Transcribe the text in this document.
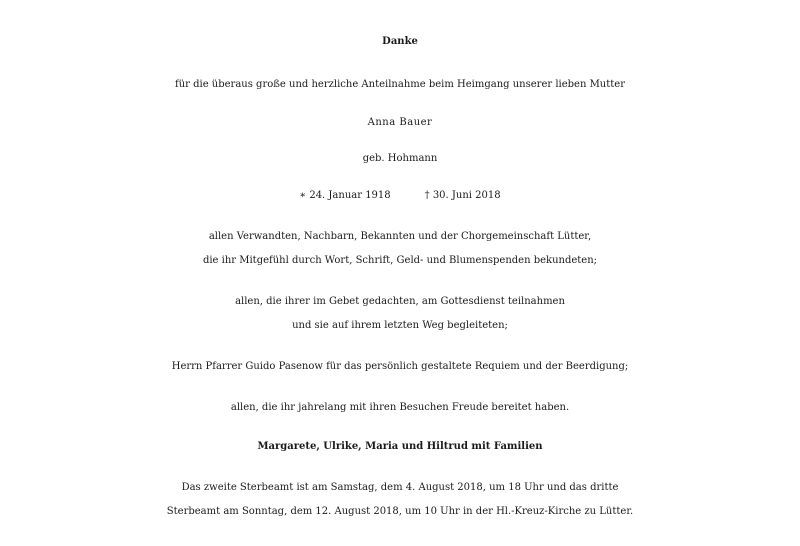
Danke
für die überaus große und herzliche Anteilnahme beim Heimgang unserer lieben Mutter
Anna Bauer
geb. Hohmann
∗ 24. Januar 1918	† 30. Juni 2018
allen Verwandten, Nachbarn, Bekannten und der Chorgemeinschaft Lütter,
die ihr Mitgefühl durch Wort, Schrift, Geld- und Blumenspenden bekundeten;
allen, die ihrer im Gebet gedachten, am Gottesdienst teilnahmen
und sie auf ihrem letzten Weg begleiteten;
Herrn Pfarrer Guido Pasenow für das persönlich gestaltete Requiem und der Beerdigung;
allen, die ihr jahrelang mit ihren Besuchen Freude bereitet haben.
Margarete, Ulrike, Maria und Hiltrud mit Familien
Das zweite Sterbeamt ist am Samstag, dem 4. August 2018, um 18 Uhr und das dritte
Sterbeamt am Sonntag, dem 12. August 2018, um 10 Uhr in der Hl.-Kreuz-Kirche zu Lütter.
